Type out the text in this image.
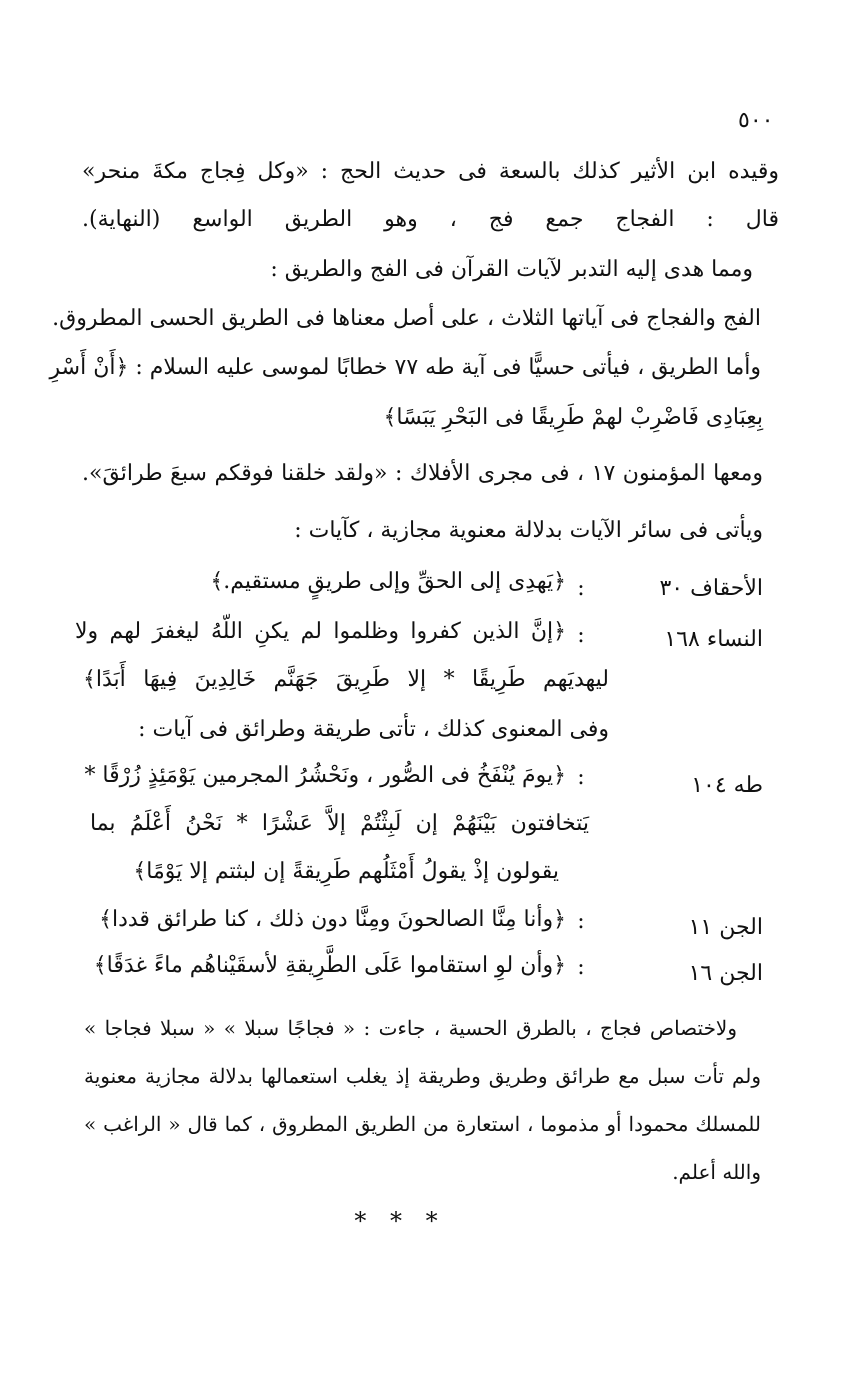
٥٠٠
وقيده ابن الأثير كذلك بالسعة فى حديث الحج : «وكل فِجاج مكةَ منحر»
قال : الفجاج جمع فج ، وهو الطريق الواسع (النهاية).
ومما هدى إليه التدبر لآيات القرآن فى الفج والطريق :
الفج والفجاج فى آياتها الثلاث ، على أصل معناها فى الطريق الحسى المطروق.
وأما الطريق ، فيأتى حسيًّا فى آية طه ٧٧ خطابًا لموسى عليه السلام : ﴿أَنْ أَسْرِ
بِعِبَادِى فَاضْرِبْ لهمْ طَرِيقًا فى البَحْرِ يَبَسًا﴾
ومعها المؤمنون ١٧ ، فى مجرى الأفلاك : «ولقد خلقنا فوقكم سبعَ طرائقَ».
ويأتى فى سائر الآيات بدلالة معنوية مجازية ، كآيات :
الأحقاف ٣٠
:
﴿يَهدِى إلى الحقِّ وإلى طريقٍ مستقيم.﴾
النساء ١٦٨
:
﴿إنَّ الذين كفروا وظلموا لم يكنِ اللّهُ ليغفرَ لهم ولا
ليهديَهم طَرِيقًا * إلا طَرِيقَ جَهَنَّم خَالِدِينَ فِيهَا أَبَدًا﴾
وفى المعنوى كذلك ، تأتى طريقة وطرائق فى آيات :
طه ١٠٤
:
﴿يومَ يُنْفَخُ فى الصُّور ، ونَحْشُرُ المجرمين يَوْمَئِذٍ زُرْقًا *
يَتخافتون بَيْنَهُمْ إن لَبِثْتُمْ إلاَّ عَشْرًا * نَحْنُ أَعْلَمُ بما
يقولون إذْ يقولُ أَمْثَلُهم طَرِيقةً إن لبثتم إلا يَوْمًا﴾
الجن ١١
:
﴿وأنا مِنَّا الصالحونَ ومِنَّا دون ذلك ، كنا طرائق قددا﴾
الجن ١٦
:
﴿وأن لوِ استقاموا عَلَى الطَّرِيقةِ لأسقَيْناهُم ماءً غدَقًا﴾
ولاختصاص فجاج ، بالطرق الحسية ، جاءت : « فجاجًا سبلا » « سبلا فجاجا »
ولم تأت سبل مع طرائق وطريق وطريقة إذ يغلب استعمالها بدلالة مجازية معنوية
للمسلك محمودا أو مذموما ، استعارة من الطريق المطروق ، كما قال « الراغب »
والله أعلم.
* * *
